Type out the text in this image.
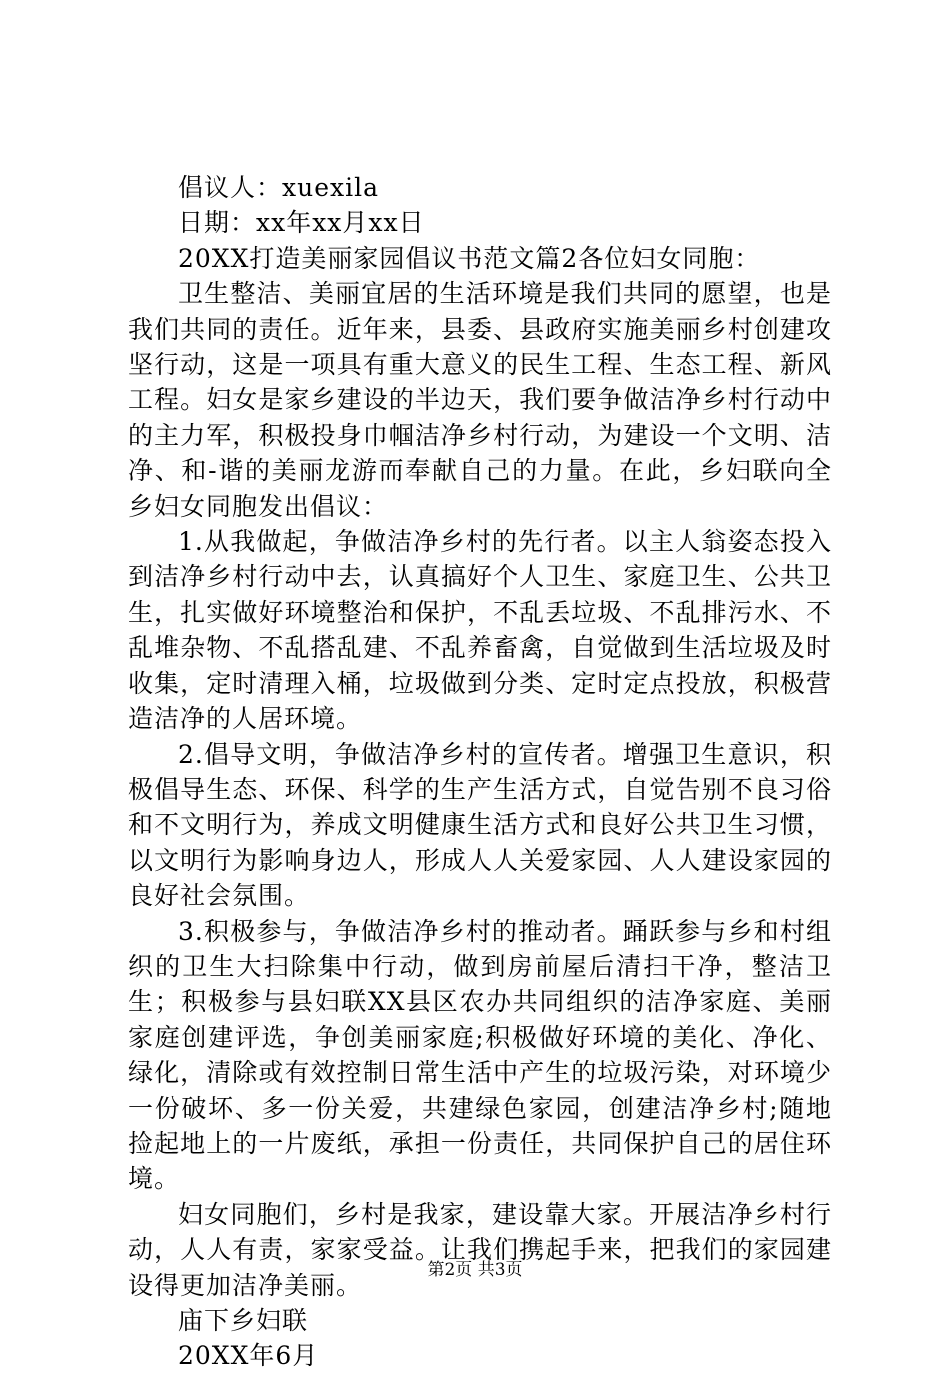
倡议人：xuexila

日期：xx年xx月xx日

20XX打造美丽家园倡议书范文篇2各位妇女同胞：

卫生整洁、美丽宜居的生活环境是我们共同的愿望，也是我们共同的责任。近年来，县委、县政府实施美丽乡村创建攻坚行动，这是一项具有重大意义的民生工程、生态工程、新风工程。妇女是家乡建设的半边天，我们要争做洁净乡村行动中的主力军，积极投身巾帼洁净乡村行动，为建设一个文明、洁净、和-谐的美丽龙游而奉献自己的力量。在此，乡妇联向全乡妇女同胞发出倡议：

1.从我做起，争做洁净乡村的先行者。以主人翁姿态投入到洁净乡村行动中去，认真搞好个人卫生、家庭卫生、公共卫生，扎实做好环境整治和保护，不乱丢垃圾、不乱排污水、不乱堆杂物、不乱搭乱建、不乱养畜禽，自觉做到生活垃圾及时收集，定时清理入桶，垃圾做到分类、定时定点投放，积极营造洁净的人居环境。

2.倡导文明，争做洁净乡村的宣传者。增强卫生意识，积极倡导生态、环保、科学的生产生活方式，自觉告别不良习俗和不文明行为，养成文明健康生活方式和良好公共卫生习惯，以文明行为影响身边人，形成人人关爱家园、人人建设家园的良好社会氛围。

3.积极参与，争做洁净乡村的推动者。踊跃参与乡和村组织的卫生大扫除集中行动，做到房前屋后清扫干净，整洁卫生；积极参与县妇联XX县区农办共同组织的洁净家庭、美丽家庭创建评选，争创美丽家庭;积极做好环境的美化、净化、绿化，清除或有效控制日常生活中产生的垃圾污染，对环境少一份破坏、多一份关爱，共建绿色家园，创建洁净乡村;随地捡起地上的一片废纸，承担一份责任，共同保护自己的居住环境。

妇女同胞们，乡村是我家，建设靠大家。开展洁净乡村行动，人人有责，家家受益。让我们携起手来，把我们的家园建设得更加洁净美丽。

庙下乡妇联

20XX年6月

第2页 共3页
